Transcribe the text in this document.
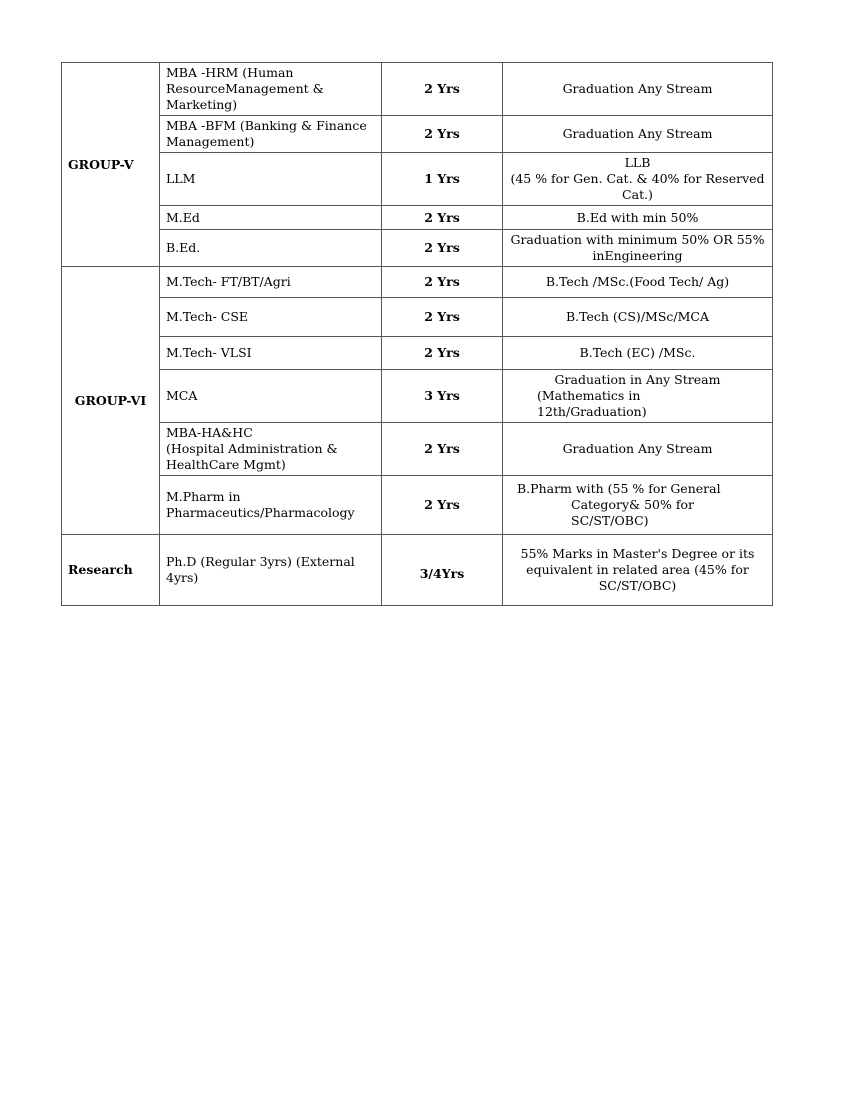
GROUP-V	MBA -HRM (Human
ResourceManagement &
Marketing)	2 Yrs	Graduation Any Stream

	MBA -BFM (Banking & Finance
Management)	2 Yrs	Graduation Any Stream

	LLM	1 Yrs	LLB
(45 % for Gen. Cat. & 40% for Reserved
Cat.)

	M.Ed	2 Yrs	B.Ed with min 50%

	B.Ed.	2 Yrs	Graduation with minimum 50% OR 55%
inEngineering

GROUP-VI	M.Tech- FT/BT/Agri	2 Yrs	B.Tech /MSc.(Food Tech/ Ag)

	M.Tech- CSE	2 Yrs	B.Tech (CS)/MSc/MCA

	M.Tech- VLSI	2 Yrs	B.Tech (EC) /MSc.

	MCA	3 Yrs	Graduation in Any Stream
(Mathematics in
12th/Graduation)

	MBA-HA&HC
(Hospital Administration &
HealthCare Mgmt)	2 Yrs	Graduation Any Stream

	M.Pharm in
Pharmaceutics/Pharmacology	2 Yrs	B.Pharm with (55 % for General
Category& 50% for
SC/ST/OBC)

Research	Ph.D (Regular 3yrs) (External 4yrs)	3/4Yrs	55% Marks in Master's Degree or its
equivalent in related area (45% for
SC/ST/OBC)
